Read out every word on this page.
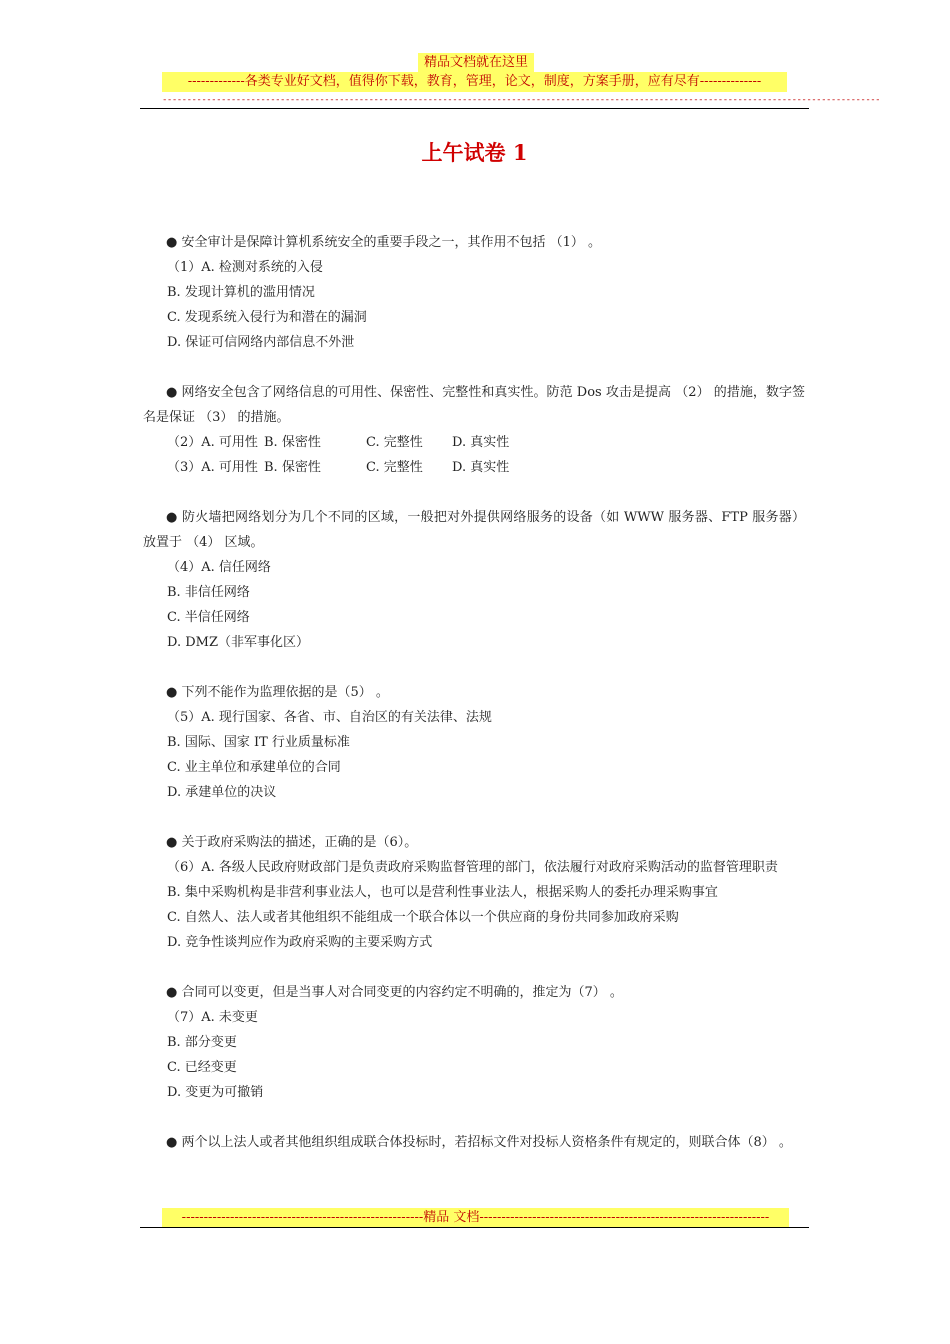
精品文档就在这里
-------------各类专业好文档，值得你下载，教育，管理，论文，制度，方案手册，应有尽有--------------
--------------------------------------------------------------------------------------------------------------------------------------------------
上午试卷 1

● 安全审计是保障计算机系统安全的重要手段之一，其作用不包括 （1） 。

（1）A. 检测对系统的入侵

B. 发现计算机的滥用情况

C. 发现系统入侵行为和潜在的漏洞

D. 保证可信网络内部信息不外泄

● 网络安全包含了网络信息的可用性、保密性、完整性和真实性。防范 Dos 攻击是提高 （2） 的措施，数字签名是保证 （3） 的措施。

（2）A. 可用性 B. 保密性	C. 完整性 D. 真实性

（3）A. 可用性 B. 保密性	C. 完整性 D. 真实性

● 防火墙把网络划分为几个不同的区域，一般把对外提供网络服务的设备（如 WWW 服务器、FTP 服务器）放置于 （4） 区域。

（4）A. 信任网络

B. 非信任网络

C. 半信任网络

D. DMZ（非军事化区）

● 下列不能作为监理依据的是（5） 。

（5）A. 现行国家、各省、市、自治区的有关法律、法规

B. 国际、国家 IT 行业质量标准

C. 业主单位和承建单位的合同

D. 承建单位的决议

● 关于政府采购法的描述，正确的是（6）。

（6）A. 各级人民政府财政部门是负责政府采购监督管理的部门，依法履行对政府采购活动的监督管理职责

B. 集中采购机构是非营利事业法人，也可以是营利性事业法人，根据采购人的委托办理采购事宜

C. 自然人、法人或者其他组织不能组成一个联合体以一个供应商的身份共同参加政府采购

D. 竞争性谈判应作为政府采购的主要采购方式

● 合同可以变更，但是当事人对合同变更的内容约定不明确的，推定为（7） 。

（7）A. 未变更

B. 部分变更

C. 已经变更

D. 变更为可撤销

● 两个以上法人或者其他组织组成联合体投标时，若招标文件对投标人资格条件有规定的，则联合体（8） 。

-------------------------------------------------------精品 文档------------------------------------------------------------------
